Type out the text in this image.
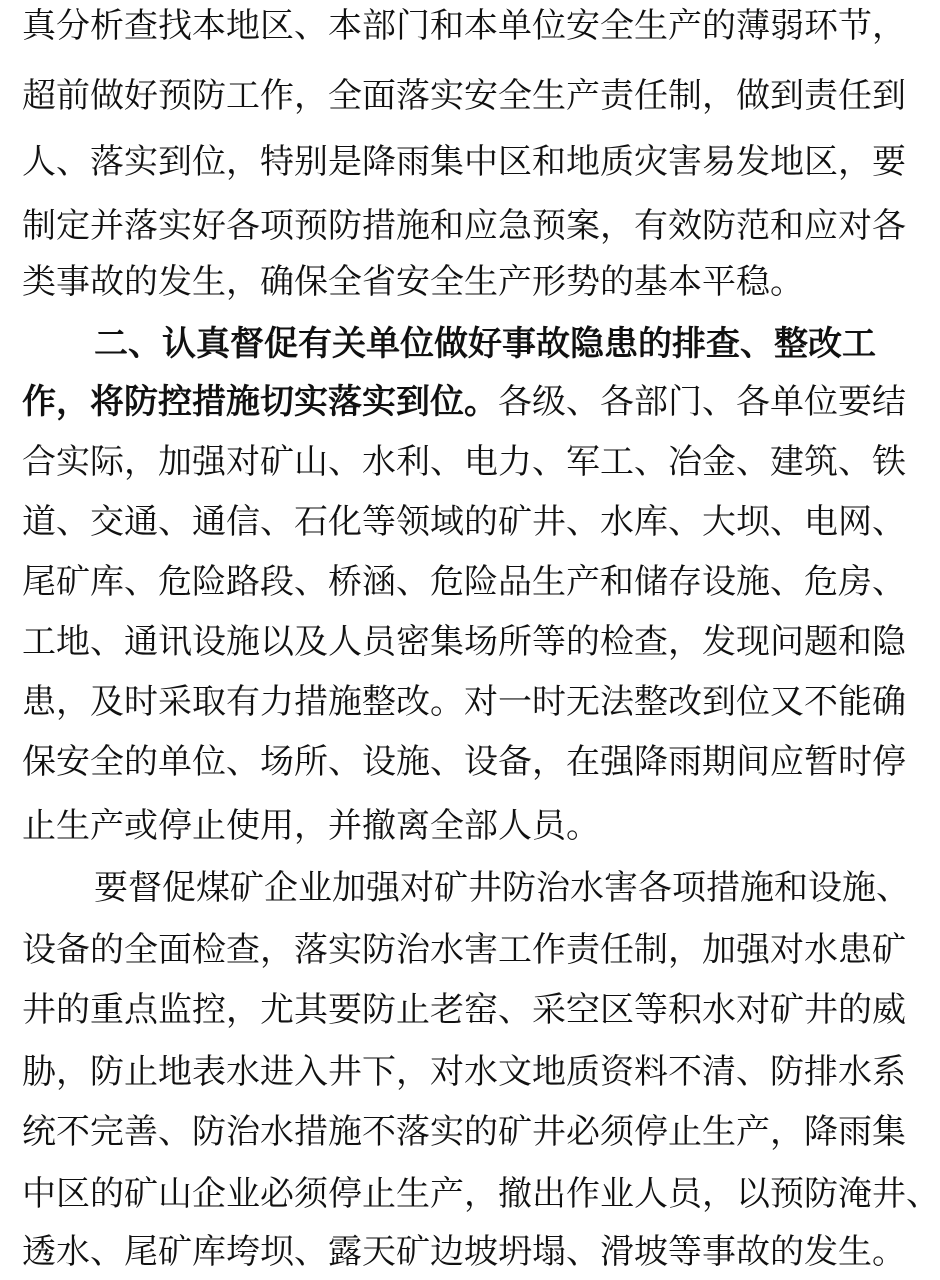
真分析查找本地区、本部门和本单位安全生产的薄弱环节，
超前做好预防工作，全面落实安全生产责任制，做到责任到
人、落实到位，特别是降雨集中区和地质灾害易发地区，要
制定并落实好各项预防措施和应急预案，有效防范和应对各
类事故的发生，确保全省安全生产形势的基本平稳。
二、认真督促有关单位做好事故隐患的排查、整改工
作，将防控措施切实落实到位。各级、各部门、各单位要结
合实际，加强对矿山、水利、电力、军工、冶金、建筑、铁
道、交通、通信、石化等领域的矿井、水库、大坝、电网、
尾矿库、危险路段、桥涵、危险品生产和储存设施、危房、
工地、通讯设施以及人员密集场所等的检查，发现问题和隐
患，及时采取有力措施整改。对一时无法整改到位又不能确
保安全的单位、场所、设施、设备，在强降雨期间应暂时停
止生产或停止使用，并撤离全部人员。
要督促煤矿企业加强对矿井防治水害各项措施和设施、
设备的全面检查，落实防治水害工作责任制，加强对水患矿
井的重点监控，尤其要防止老窑、采空区等积水对矿井的威
胁，防止地表水进入井下，对水文地质资料不清、防排水系
统不完善、防治水措施不落实的矿井必须停止生产，降雨集
中区的矿山企业必须停止生产，撤出作业人员，以预防淹井、
透水、尾矿库垮坝、露天矿边坡坍塌、滑坡等事故的发生。
